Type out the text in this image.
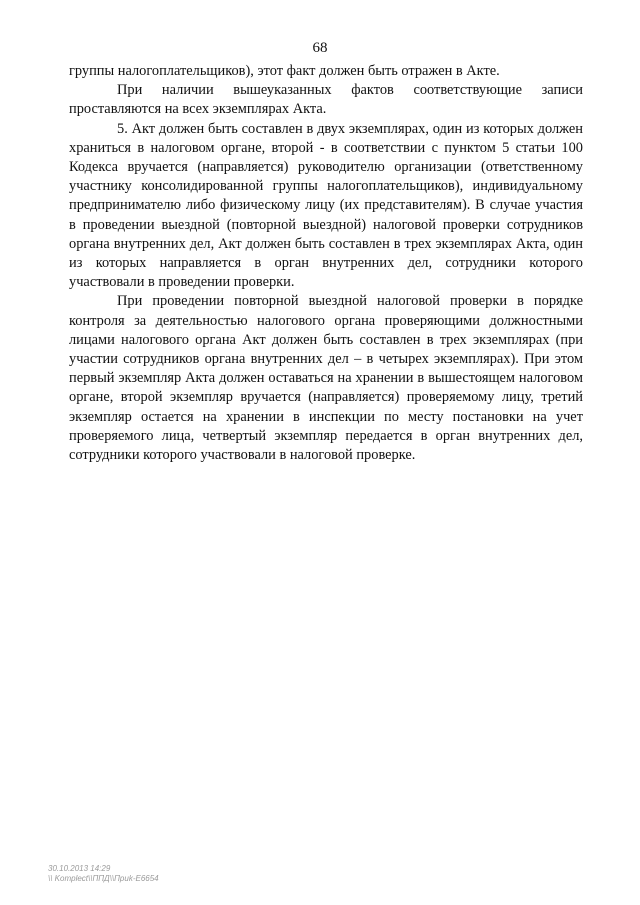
68

группы налогоплательщиков), этот факт должен быть отражен в Акте.

При наличии вышеуказанных фактов соответствующие записи проставляются на всех экземплярах Акта.

5. Акт должен быть составлен в двух экземплярах, один из которых должен храниться в налоговом органе, второй - в соответствии с пунктом 5 статьи 100 Кодекса вручается (направляется) руководителю организации (ответственному участнику консолидированной группы налогоплательщиков), индивидуальному предпринимателю либо физическому лицу (их представителям). В случае участия в проведении выездной (повторной выездной) налоговой проверки сотрудников органа внутренних дел, Акт должен быть составлен в трех экземплярах Акта, один из которых направляется в орган внутренних дел, сотрудники которого участвовали в проведении проверки.

При проведении повторной выездной налоговой проверки в порядке контроля за деятельностью налогового органа проверяющими должностными лицами налогового органа Акт должен быть составлен в трех экземплярах (при участии сотрудников органа внутренних дел – в четырех экземплярах). При этом первый экземпляр Акта должен оставаться на хранении в вышестоящем налоговом органе, второй экземпляр вручается (направляется) проверяемому лицу, третий экземпляр остается на хранении в инспекции по месту постановки на учет проверяемого лица, четвертый экземпляр передается в орган внутренних дел, сотрудники которого участвовали в налоговой проверке.

30.10.2013 14:29
\\ Komplect\\ППД\\Приk-E6654
